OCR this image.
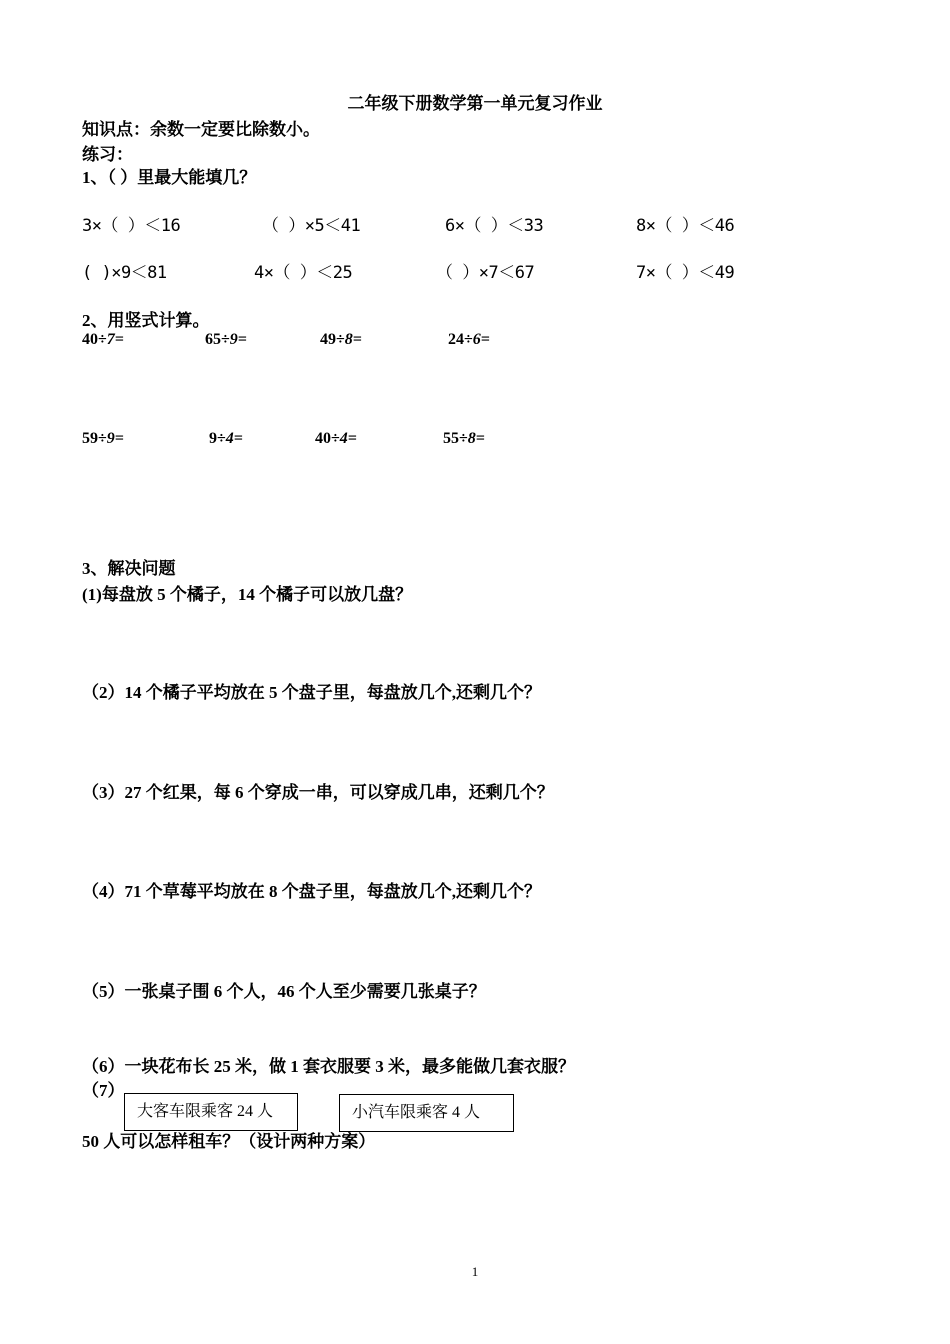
二年级下册数学第一单元复习作业
知识点：余数一定要比除数小。
练习：
1、（ ）里最大能填几？
3×（ ）＜16	（ ）×5＜41	6×（ ）＜33	8×（ ）＜46
( )×9＜81	4×（ ）＜25	（ ）×7＜67	7×（ ）＜49
2、用竖式计算。
40÷7=	65÷9=	49÷8=	24÷6=
59÷9=	9÷4=	40÷4=	55÷8=
3、解决问题
(1)每盘放 5 个橘子，14 个橘子可以放几盘？
（2）14 个橘子平均放在 5 个盘子里，每盘放几个,还剩几个？
（3）27 个红果，每 6 个穿成一串，可以穿成几串，还剩几个？
（4）71 个草莓平均放在 8 个盘子里，每盘放几个,还剩几个？
（5）一张桌子围 6 个人，46 个人至少需要几张桌子？
（6）一块花布长 25 米，做 1 套衣服要 3 米，最多能做几套衣服？
（7）
50 人可以怎样租车？（设计两种方案）
大客车限乘客 24 人	小汽车限乘客 4 人
1
